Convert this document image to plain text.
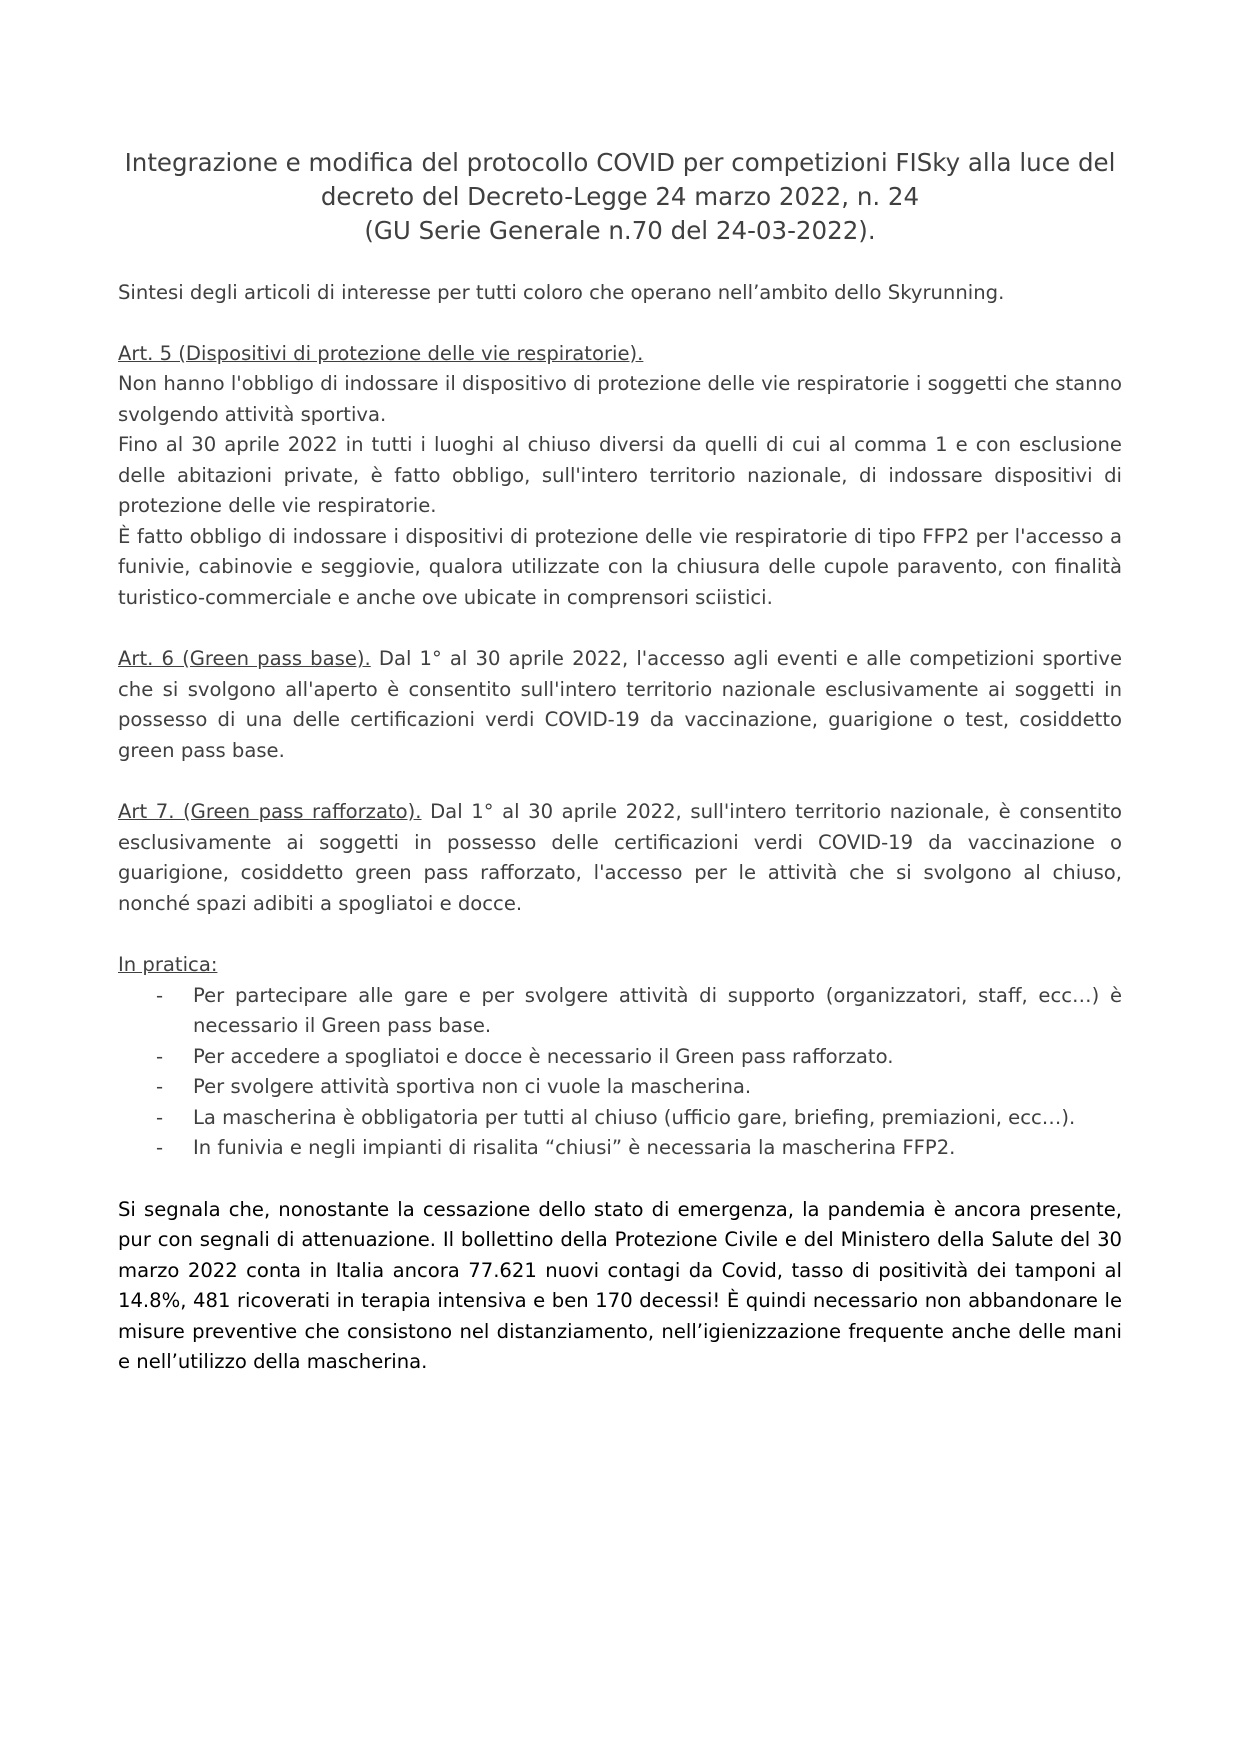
Integrazione e modifica del protocollo COVID per competizioni FISky alla luce del
decreto del Decreto-Legge 24 marzo 2022, n. 24
(GU Serie Generale n.70 del 24-03-2022).

Sintesi degli articoli di interesse per tutti coloro che operano nell’ambito dello Skyrunning.

Art. 5 (Dispositivi di protezione delle vie respiratorie).

Non hanno l'obbligo di indossare il dispositivo di protezione delle vie respiratorie i soggetti che stanno svolgendo attività sportiva.

Fino al 30 aprile 2022 in tutti i luoghi al chiuso diversi da quelli di cui al comma 1 e con esclusione delle abitazioni private, è fatto obbligo, sull'intero territorio nazionale, di indossare dispositivi di protezione delle vie respiratorie.

È fatto obbligo di indossare i dispositivi di protezione delle vie respiratorie di tipo FFP2 per l'accesso a funivie, cabinovie e seggiovie, qualora utilizzate con la chiusura delle cupole paravento, con finalità turistico-commerciale e anche ove ubicate in comprensori sciistici.

Art. 6 (Green pass base). Dal 1° al 30 aprile 2022, l'accesso agli eventi e alle competizioni sportive che si svolgono all'aperto è consentito sull'intero territorio nazionale esclusivamente ai soggetti in possesso di una delle certificazioni verdi COVID-19 da vaccinazione, guarigione o test, cosiddetto green pass base.

Art 7. (Green pass rafforzato). Dal 1° al 30 aprile 2022, sull'intero territorio nazionale, è consentito esclusivamente ai soggetti in possesso delle certificazioni verdi COVID-19 da vaccinazione o guarigione, cosiddetto green pass rafforzato, l'accesso per le attività che si svolgono al chiuso, nonché spazi adibiti a spogliatoi e docce.

In pratica:

- Per partecipare alle gare e per svolgere attività di supporto (organizzatori, staff, ecc…) è necessario il Green pass base.
- Per accedere a spogliatoi e docce è necessario il Green pass rafforzato.
- Per svolgere attività sportiva non ci vuole la mascherina.
- La mascherina è obbligatoria per tutti al chiuso (ufficio gare, briefing, premiazioni, ecc…).
- In funivia e negli impianti di risalita “chiusi” è necessaria la mascherina FFP2.

Si segnala che, nonostante la cessazione dello stato di emergenza, la pandemia è ancora presente, pur con segnali di attenuazione. Il bollettino della Protezione Civile e del Ministero della Salute del 30 marzo 2022 conta in Italia ancora 77.621 nuovi contagi da Covid, tasso di positività dei tamponi al 14.8%, 481 ricoverati in terapia intensiva e ben 170 decessi! È quindi necessario non abbandonare le misure preventive che consistono nel distanziamento, nell’igienizzazione frequente anche delle mani e nell’utilizzo della mascherina.
